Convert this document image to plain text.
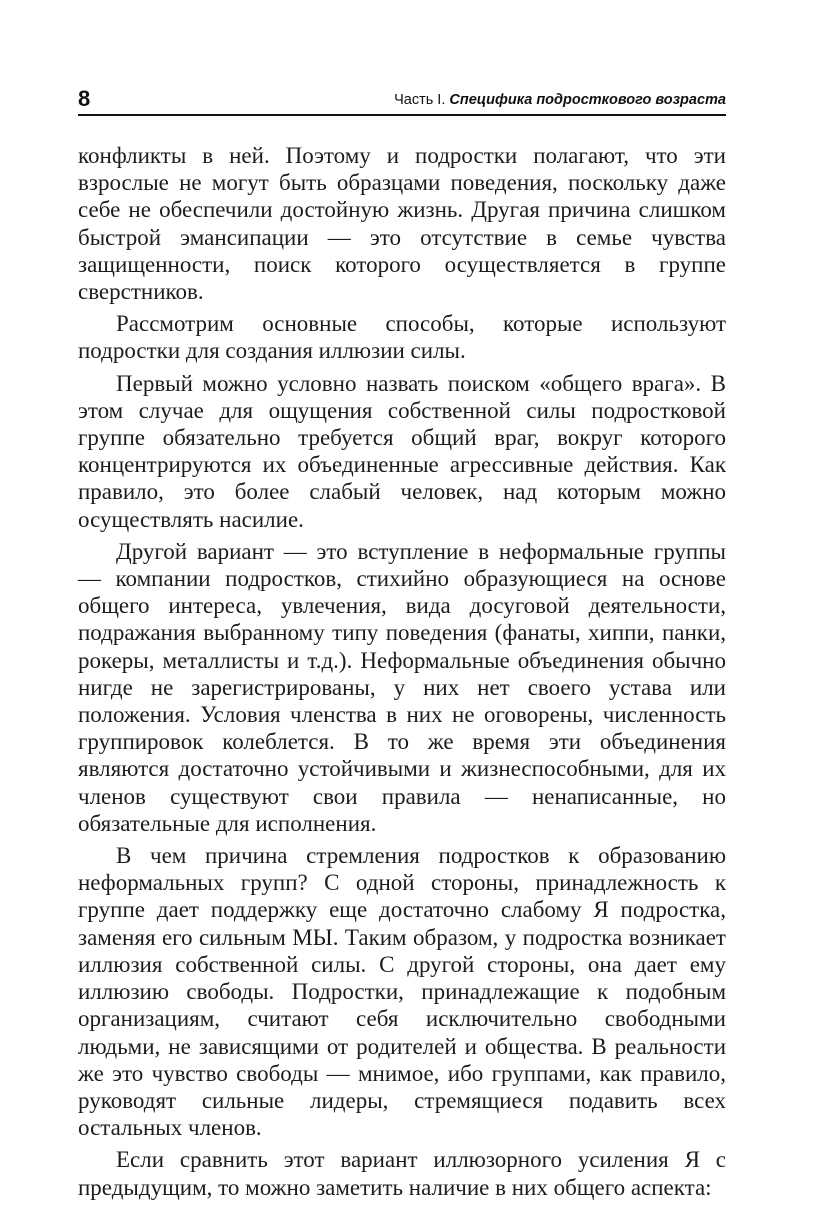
8	Часть I. Специфика подросткового возраста

конфликты в ней. Поэтому и подростки полагают, что эти взрослые не могут быть образцами поведения, поскольку даже себе не обеспечили достойную жизнь. Другая причина слишком быстрой эмансипации — это отсутствие в семье чувства защищенности, поиск которого осуществляется в группе сверстников.

Рассмотрим основные способы, которые используют подростки для создания иллюзии силы.

Первый можно условно назвать поиском «общего врага». В этом случае для ощущения собственной силы подростковой группе обязательно требуется общий враг, вокруг которого концентрируются их объединенные агрессивные действия. Как правило, это более слабый человек, над которым можно осуществлять насилие.

Другой вариант — это вступление в неформальные группы — компании подростков, стихийно образующиеся на основе общего интереса, увлечения, вида досуговой деятельности, подражания выбранному типу поведения (фанаты, хиппи, панки, рокеры, металлисты и т.д.). Неформальные объединения обычно нигде не зарегистрированы, у них нет своего устава или положения. Условия членства в них не оговорены, численность группировок колеблется. В то же время эти объединения являются достаточно устойчивыми и жизнеспособными, для их членов существуют свои правила — ненаписанные, но обязательные для исполнения.

В чем причина стремления подростков к образованию неформальных групп? С одной стороны, принадлежность к группе дает поддержку еще достаточно слабому Я подростка, заменяя его сильным МЫ. Таким образом, у подростка возникает иллюзия собственной силы. С другой стороны, она дает ему иллюзию свободы. Подростки, принадлежащие к подобным организациям, считают себя исключительно свободными людьми, не зависящими от родителей и общества. В реальности же это чувство свободы — мнимое, ибо группами, как правило, руководят сильные лидеры, стремящиеся подавить всех остальных членов.

Если сравнить этот вариант иллюзорного усиления Я с предыдущим, то можно заметить наличие в них общего аспекта:
